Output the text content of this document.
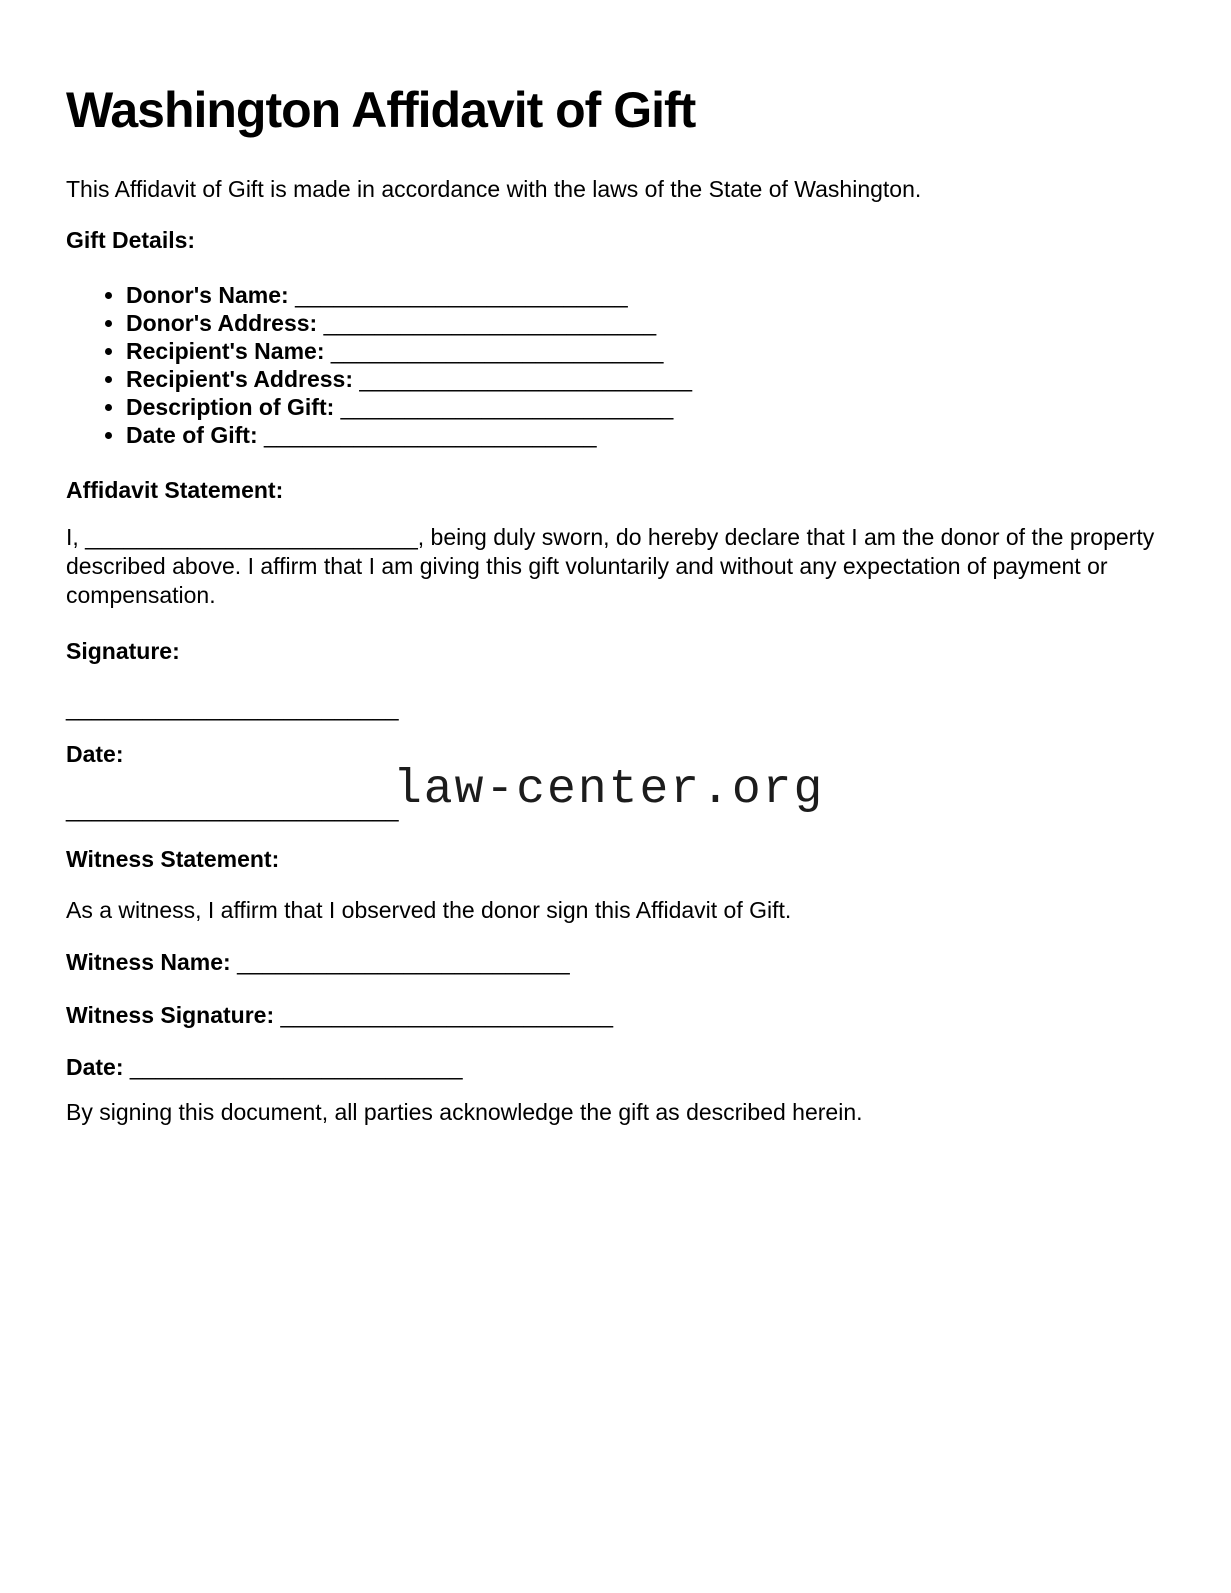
Washington Affidavit of Gift

This Affidavit of Gift is made in accordance with the laws of the State of Washington.

Gift Details:

• Donor's Name: __________________________
• Donor's Address: __________________________
• Recipient's Name: __________________________
• Recipient's Address: __________________________
• Description of Gift: __________________________
• Date of Gift: __________________________

Affidavit Statement:

I, __________________________, being duly sworn, do hereby declare that I am the donor of the property described above. I affirm that I am giving this gift voluntarily and without any expectation of payment or compensation.

Signature:

__________________________

Date:

__________________________

law-center.org

Witness Statement:

As a witness, I affirm that I observed the donor sign this Affidavit of Gift.

Witness Name: __________________________

Witness Signature: __________________________

Date: __________________________

By signing this document, all parties acknowledge the gift as described herein.
